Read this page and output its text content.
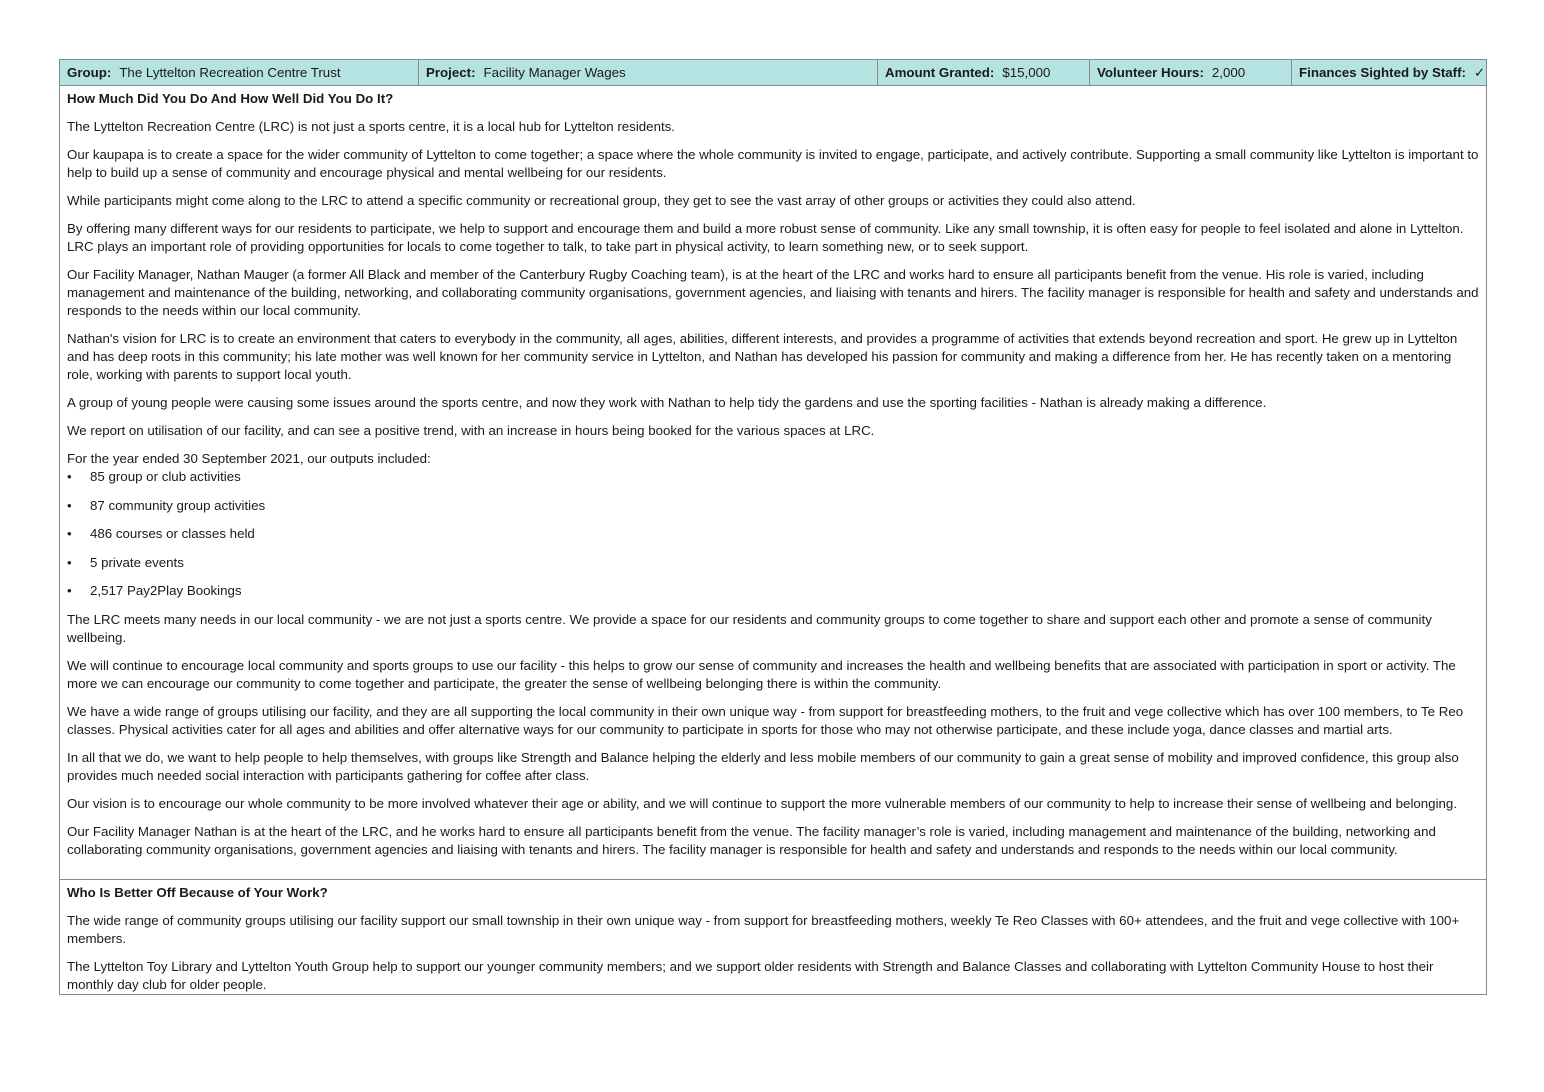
Group: The Lyttelton Recreation Centre Trust	Project: Facility Manager Wages	Amount Granted: $15,000	Volunteer Hours: 2,000	Finances Sighted by Staff: ✓

How Much Did You Do And How Well Did You Do It?

The Lyttelton Recreation Centre (LRC) is not just a sports centre, it is a local hub for Lyttelton residents.

Our kaupapa is to create a space for the wider community of Lyttelton to come together; a space where the whole community is invited to engage, participate, and actively contribute. Supporting a small community like Lyttelton is important to help to build up a sense of community and encourage physical and mental wellbeing for our residents.

While participants might come along to the LRC to attend a specific community or recreational group, they get to see the vast array of other groups or activities they could also attend.

By offering many different ways for our residents to participate, we help to support and encourage them and build a more robust sense of community. Like any small township, it is often easy for people to feel isolated and alone in Lyttelton. LRC plays an important role of providing opportunities for locals to come together to talk, to take part in physical activity, to learn something new, or to seek support.

Our Facility Manager, Nathan Mauger (a former All Black and member of the Canterbury Rugby Coaching team), is at the heart of the LRC and works hard to ensure all participants benefit from the venue. His role is varied, including management and maintenance of the building, networking, and collaborating community organisations, government agencies, and liaising with tenants and hirers. The facility manager is responsible for health and safety and understands and responds to the needs within our local community.

Nathan's vision for LRC is to create an environment that caters to everybody in the community, all ages, abilities, different interests, and provides a programme of activities that extends beyond recreation and sport. He grew up in Lyttelton and has deep roots in this community; his late mother was well known for her community service in Lyttelton, and Nathan has developed his passion for community and making a difference from her. He has recently taken on a mentoring role, working with parents to support local youth.

A group of young people were causing some issues around the sports centre, and now they work with Nathan to help tidy the gardens and use the sporting facilities - Nathan is already making a difference.

We report on utilisation of our facility, and can see a positive trend, with an increase in hours being booked for the various spaces at LRC.

For the year ended 30 September 2021, our outputs included:

• 85 group or club activities
• 87 community group activities
• 486 courses or classes held
• 5 private events
• 2,517 Pay2Play Bookings

The LRC meets many needs in our local community - we are not just a sports centre. We provide a space for our residents and community groups to come together to share and support each other and promote a sense of community wellbeing.

We will continue to encourage local community and sports groups to use our facility - this helps to grow our sense of community and increases the health and wellbeing benefits that are associated with participation in sport or activity. The more we can encourage our community to come together and participate, the greater the sense of wellbeing belonging there is within the community.

We have a wide range of groups utilising our facility, and they are all supporting the local community in their own unique way - from support for breastfeeding mothers, to the fruit and vege collective which has over 100 members, to Te Reo classes. Physical activities cater for all ages and abilities and offer alternative ways for our community to participate in sports for those who may not otherwise participate, and these include yoga, dance classes and martial arts.

In all that we do, we want to help people to help themselves, with groups like Strength and Balance helping the elderly and less mobile members of our community to gain a great sense of mobility and improved confidence, this group also provides much needed social interaction with participants gathering for coffee after class.

Our vision is to encourage our whole community to be more involved whatever their age or ability, and we will continue to support the more vulnerable members of our community to help to increase their sense of wellbeing and belonging.

Our Facility Manager Nathan is at the heart of the LRC, and he works hard to ensure all participants benefit from the venue. The facility manager’s role is varied, including management and maintenance of the building, networking and collaborating community organisations, government agencies and liaising with tenants and hirers. The facility manager is responsible for health and safety and understands and responds to the needs within our local community.

Who Is Better Off Because of Your Work?

The wide range of community groups utilising our facility support our small township in their own unique way - from support for breastfeeding mothers, weekly Te Reo Classes with 60+ attendees, and the fruit and vege collective with 100+ members.

The Lyttelton Toy Library and Lyttelton Youth Group help to support our younger community members; and we support older residents with Strength and Balance Classes and collaborating with Lyttelton Community House to host their monthly day club for older people.
